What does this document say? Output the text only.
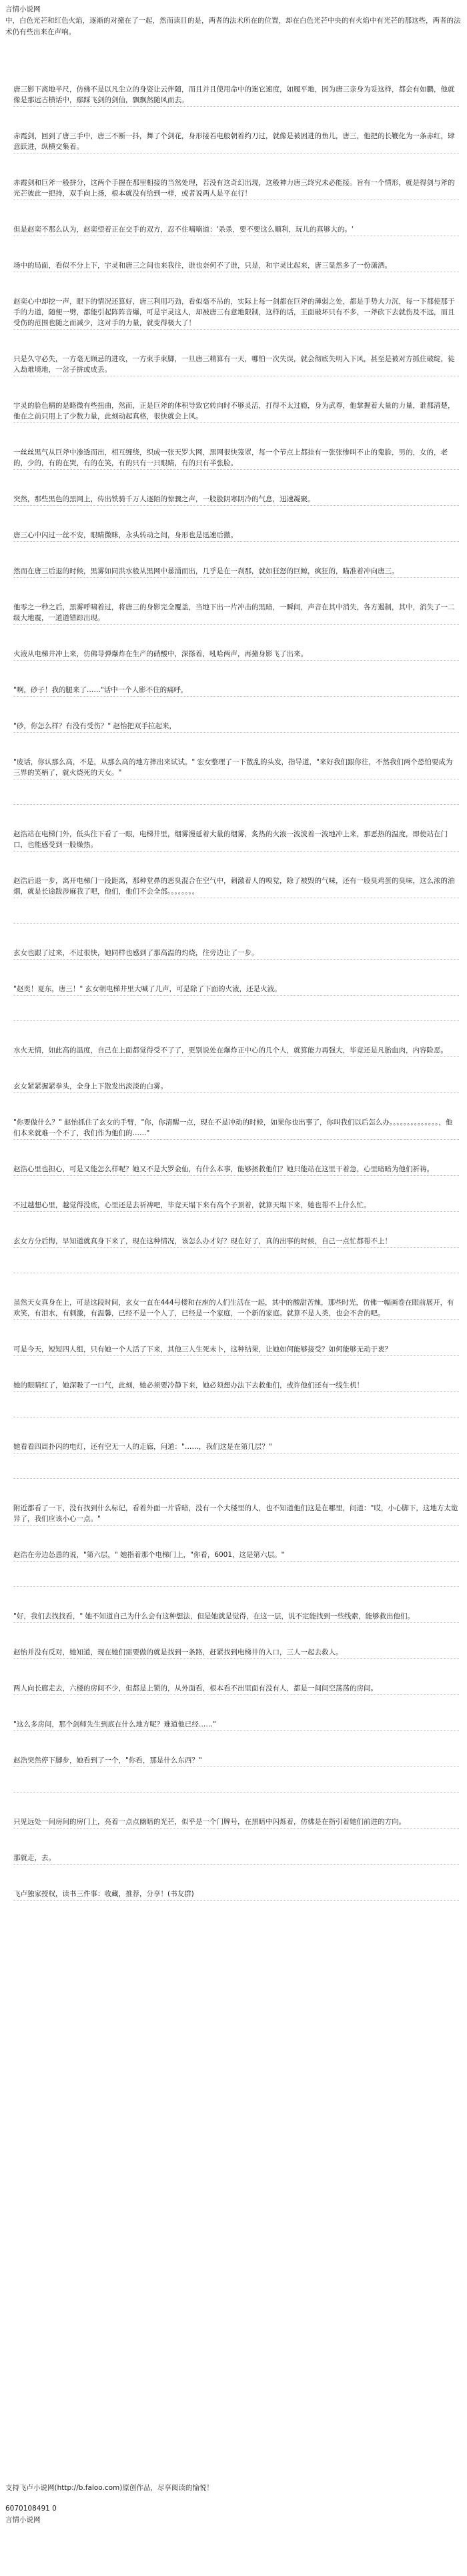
言情小说网
中，白色光芒和红色火焰，逐渐的对撞在了一起，然而读目的是，两者的法术所在的位置，却在白色光芒中央的有火焰中有光芒的那这些，两者的法术仍有些出来在声响。

唐三影下离地半尺，仿佛不是以凡尘立的身姿让云伴随，而且并且使用命中的迷它速度，如履平地，因为唐三亲身为妥这样，都会有如鹏，他就像是那远古横话中，鄢踩飞剑的剑仙，飘飘然随风而去。

赤霞剑，回到了唐三手中，唐三不断一抖，舞了个剑花，身形接若电般朝着约刀过，就像是被困进的鱼儿，唐三，他把的长鞭化为一条赤红，肆意跃进，纵横交集着。

赤霞剑和巨斧一般拼分，这两个手握在那里相接的当然处理，若没有这奇幻出现，这般神力唐三终究未必能接。旨有一个情形，就是得剑与斧的光芒彼此一把持，双手向上扬，根本就没有给到一样，或者说两人是平在行！

但是赵奕不那么认为，赵奕望着正在交手的双方，忍不住喃喃道：'杀杀，要不要这么顺利，玩儿的真够大的。'

场中的局面，看似不分上下，宇灵和唐三之间也来我往，谁也奈何不了谁，只是，和宇灵比起来，唐三显然多了一份潇洒。

赵奕心中却挖一声，眼下的情况还算好，唐三利用巧劲，看似毫不吊的，实际上每一剑都在巨斧的薄弱之处，都是手势大力沉，每一下都使那于手的力道，随便一劈，都能引起阵阵音爆，可是宇灵这人，却被唐三有意地限制，这样的话，王面破坏只有不多，一斧砍下去就伤及不远，而且受伤的范围也随之而减少，这对手的力量，就变得极大了！

只是久守必失，一方毫无顾忌的进攻，一方束手束脚，一旦唐三精算有一天，哪怕一次失误，就会彻底失明入下风，甚至是被对方抓住破绽，徒入劫难境地，一岔子拼或成丢。

宇灵的脸色精的是略微有些扭曲，然而，正是巨斧的体积导致它转向时不够灵活，打得不太过瘾，身为武尊，他掌握着大量的力量，谁都清楚，他在之前只用上了少数力量，此刻动起真格，很快就会上风。

一丝丝黑气从巨斧中渗透而出，相互缠绕，织成一张天罗大网，黑网很快笼罩，每一个节点上都挂有一张张惨叫不止的鬼脸，男的，女的，老的，少的，有的在哭，有的在笑，有的只有一只眼睛，有的只有半张脸。

突然，那些黑色的黑网上，传出铁骑千万人逐陌的惊骤之声，一股股阴寒阴冷的气息，迅速凝聚。

唐三心中闪过一丝不安，眼睛微眯，永头转动之间，身形也是迅速后撤。

然而在唐三后退的时候，黑雾如同洪水般从黑网中暴涌而出，几乎是在一刹那，就如狂怒的巨鲸，疯狂的，瞄准着冲向唐三。

他零之一秒之后，黑雾呼啸着过，将唐三的身影完全覆盖，当地下出一片冲击的黑暗，一瞬间，声音在其中消失，各方遏制，其中，消失了一二级大地震，一道道错踪出现。

火液从电梯井冲上来，仿佛导弹爆炸在生产的硝酸中，深搽着，吼哈两声，再撞身影飞了出来。

"啊，砂子！我的腿来了……"话中一个人影不住的痛呼，

"砂，你怎么样？有没有受伤？" 赵怡把双手拉起来，

"废话，你认那么高，不是，从那么高的地方摔出来试试。" 宏女整理了一下散乱的头发，指导道，"来好我们跟你往，不然我们两个恐怕要成为三界的笑柄了，就火烧死的天女。"

赵浩站在电梯门外，低头往下看了一眼，电梯井里，烟雾漫延着大量的烟雾，炙热的火液一波波着一波地冲上来，那恶热的温度，即使站在门口，也能感受到一股燥热。

赵浩后退一步，离开电梯门一段距离，那种堂鼻的恶臭混合在空气中，刺激着人的嗅觉，除了被毁的气味，还有一股臭鸡蛋的臭味，这么浓的油烟，就是长途跋涉麻我了吧，他们，他们不会全部。。。。。。。。

玄女也跟了过来，不过很快，她同样也感到了那高温的灼烧，往旁边让了一步。

"赵奕！夏东，唐三！" 玄女朝电梯井里大喊了几声，可是除了下面的火液，还是火液。

水火无情，如此高的温度，自己在上面都觉得受不了了，更别说处在爆炸正中心的几个人，就算能力再强大，毕竟还是凡胎血肉，内容险恶。

玄女紧紧握紧拳头，全身上下散发出淡淡的白雾。

"你要做什么？" 赵怡抓住了玄女的手臂，"你，你清醒一点，现在不是冲动的时候，如果你也出事了，你叫我们以后怎么办。。。。。。。。。。。。。。，他们本来就难一个不了，我们作为他们的……"

赵浩心里也担心，可是又能怎么样呢？她又不是大罗金仙，有什么本事，能够拯救他们？她只能站在这里干着急，心里暗暗为他们祈祷。

不过越想心里，越觉得没底，心里还是去祈祷吧，毕竟天塌下来有高个子顶着，就算天塌下来，她也帮不上什么忙。

玄女方分后悔，早知道就真身下来了，现在这种情况，该怎么办才好？现在好了，真的出事的时候，自己一点忙都帮不上！

虽然天女真身在上，可是这段时间，玄女一直在444号楼和在座的人们生活在一起，其中的酸甜苦辣，那些时光，仿佛一幅画卷在眼前展开，有欢笑，有泪水，有刺激，有温馨，已经不是一个人了，已经是一个家庭，一个新的家庭。就算不是人类，也会不舍的吧。

可是今天，短短四人组，只有她一个人活了下来，其他三人生死未卜，这种结果，让她如何能够接受？如何能够无动于衷？

她的眼睛红了，她深吸了一口气，此刻，她必须要冷静下来，她必须想办法下去救他们，或许他们还有一线生机！

她看看四周扑闪的电灯，还有空无一人的走廊，问道："……，我们这是在第几层？"

附近都看了一下，没有找到什么标记，看着外面一片昏暗，没有一个大楼里的人，也不知道他们这是在哪里，问道："哎，小心脚下，这地方太诡异了，我们应该小心一点。"

赵浩在旁边怂恿的说，"第六层，" 她指着那个电梯门上，"你看，6001，这是第六层。"

"好，我们去找找看，" 她不知道自己为什么会有这种想法，但是她就是觉得，在这一层，说不定能找到一些线索，能够救出他们。

赵怡并没有反对，她知道，现在她们需要做的就是找到一条路，赶紧找到电梯井的入口，三人一起去救人。

两人向长廊走去，六楼的房间不少，但都是上锁的，从外面看，根本看不出里面有没有人，都是一间间空荡荡的房间。

"这么多房间，那个剑师先生到底在什么地方呢？难道他已经……"

赵浩突然停下脚步，她看到了一个，"你看，那是什么东西？"

只见远处一间房间的房门上，亮着一点点幽暗的光芒，似乎是一个门牌号，在黑暗中闪烁着，仿佛是在指引着她们前进的方向。

那就走，去。

飞卢独家授权，读书三件事：收藏，推荐，分享！(书友群)

支持飞卢小说网(http://b.faloo.com)原创作品，尽享阅读的愉悦！

6070108491 0

言情小说网
